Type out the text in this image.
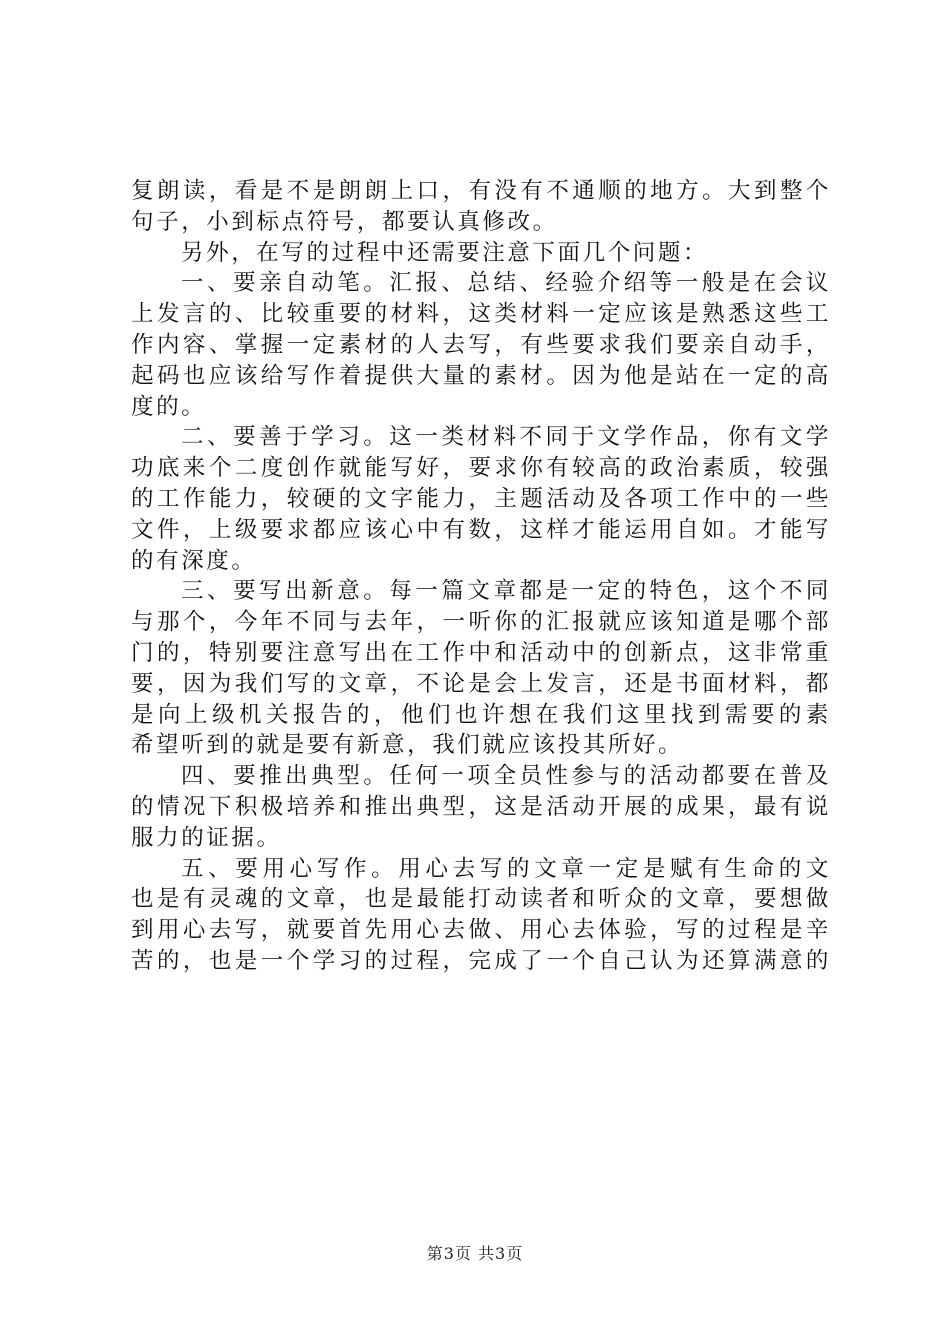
复朗读，看是不是朗朗上口，有没有不通顺的地方。大到整个
句子，小到标点符号，都要认真修改。
另外，在写的过程中还需要注意下面几个问题：
一、要亲自动笔。汇报、总结、经验介绍等一般是在会议
上发言的、比较重要的材料，这类材料一定应该是熟悉这些工
作内容、掌握一定素材的人去写，有些要求我们要亲自动手，
起码也应该给写作着提供大量的素材。因为他是站在一定的高
度的。
二、要善于学习。这一类材料不同于文学作品，你有文学
功底来个二度创作就能写好，要求你有较高的政治素质，较强
的工作能力，较硬的文字能力，主题活动及各项工作中的一些
文件，上级要求都应该心中有数，这样才能运用自如。才能写
的有深度。
三、要写出新意。每一篇文章都是一定的特色，这个不同
与那个，今年不同与去年，一听你的汇报就应该知道是哪个部
门的，特别要注意写出在工作中和活动中的创新点，这非常重
要，因为我们写的文章，不论是会上发言，还是书面材料，都
是向上级机关报告的，他们也许想在我们这里找到需要的素
希望听到的就是要有新意，我们就应该投其所好。
四、要推出典型。任何一项全员性参与的活动都要在普及
的情况下积极培养和推出典型，这是活动开展的成果，最有说
服力的证据。
五、要用心写作。用心去写的文章一定是赋有生命的文
也是有灵魂的文章，也是最能打动读者和听众的文章，要想做
到用心去写，就要首先用心去做、用心去体验，写的过程是辛
苦的，也是一个学习的过程，完成了一个自己认为还算满意的
第3页 共3页
